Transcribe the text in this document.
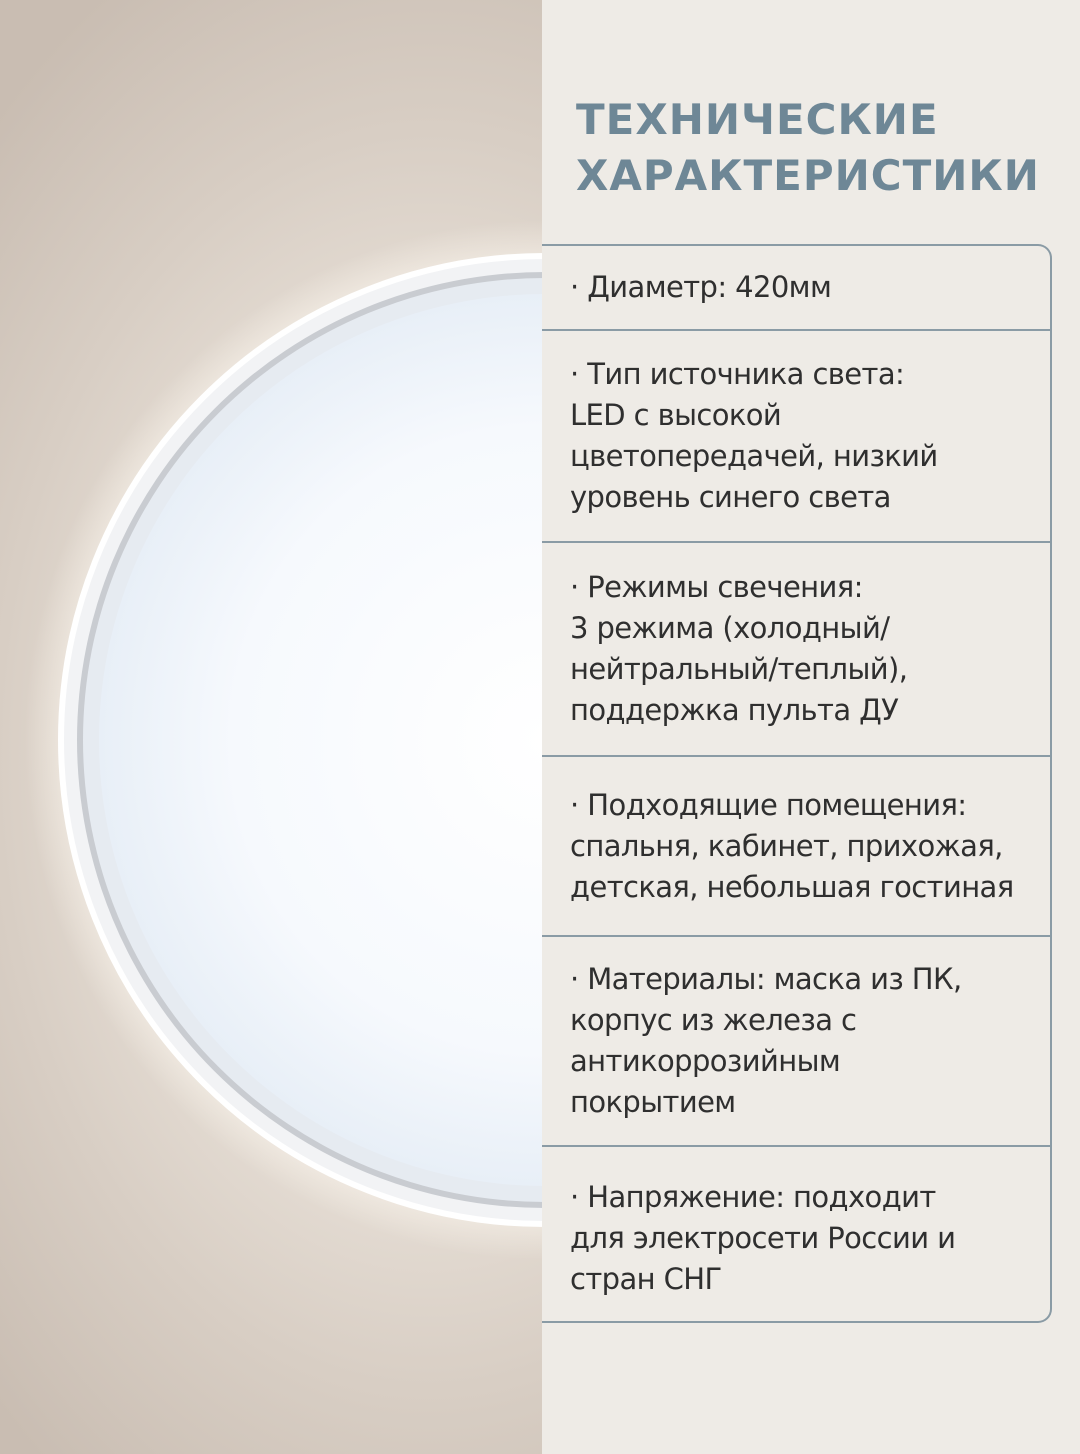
ТЕХНИЧЕСКИЕ
ХАРАКТЕРИСТИКИ
· Диаметр: 420мм
· Тип источника света:
LED с высокой
цветопередачей, низкий
уровень синего света
· Режимы свечения:
3 режима (холодный/
нейтральный/теплый),
поддержка пульта ДУ
· Подходящие помещения:
спальня, кабинет, прихожая,
детская, небольшая гостиная
· Материалы: маска из ПК,
корпус из железа с
антикоррозийным
покрытием
· Напряжение: подходит
для электросети России и
стран СНГ
